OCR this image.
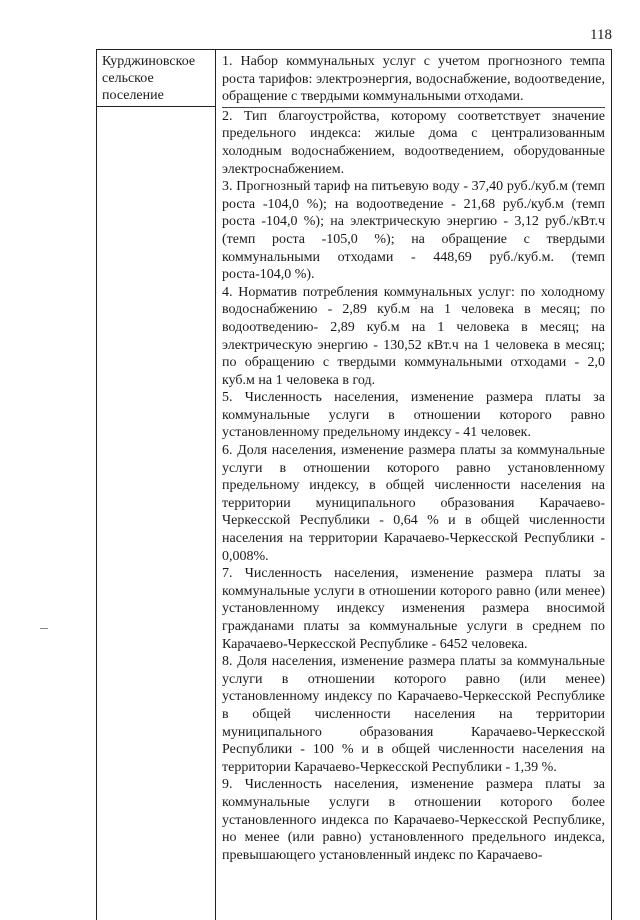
118
Курджиновское
сельское
поселение

1. Набор коммунальных услуг с учетом прогнозного темпа роста тарифов: электроэнергия, водоснабжение, водоотведение, обращение с твердыми коммунальными отходами.

2. Тип благоустройства, которому соответствует значение предельного индекса: жилые дома с централизованным холодным водоснабжением, водоотведением, оборудованные электроснабжением.

3. Прогнозный тариф на питьевую воду - 37,40 руб./куб.м (темп роста -104,0 %); на водоотведение - 21,68 руб./куб.м (темп роста -104,0 %); на электрическую энергию - 3,12 руб./кВт.ч (темп роста -105,0 %); на обращение с твердыми коммунальными отходами - 448,69 руб./куб.м. (темп роста-104,0 %).

4. Норматив потребления коммунальных услуг: по холодному водоснабжению - 2,89 куб.м на 1 человека в месяц; по водоотведению- 2,89 куб.м на 1 человека в месяц; на электрическую энергию - 130,52 кВт.ч на 1 человека в месяц; по обращению с твердыми коммунальными отходами - 2,0 куб.м на 1 человека в год.

5. Численность населения, изменение размера платы за коммунальные услуги в отношении которого равно установленному предельному индексу - 41 человек.

6. Доля населения, изменение размера платы за коммунальные услуги в отношении которого равно установленному предельному индексу, в общей численности населения на территории муниципального образования Карачаево-Черкесской Республики - 0,64 % и в общей численности населения на территории Карачаево-Черкесской Республики - 0,008%.

7. Численность населения, изменение размера платы за коммунальные услуги в отношении которого равно (или менее) установленному индексу изменения размера вносимой гражданами платы за коммунальные услуги в среднем по Карачаево-Черкесской Республике - 6452 человека.

8. Доля населения, изменение размера платы за коммунальные услуги в отношении которого равно (или менее) установленному индексу по Карачаево-Черкесской Республике в общей численности населения на территории муниципального образования Карачаево-Черкесской Республики - 100 % и в общей численности населения на территории Карачаево-Черкесской Республики - 1,39 %.

9. Численность населения, изменение размера платы за коммунальные услуги в отношении которого более установленного индекса по Карачаево-Черкесской Республике, но менее (или равно) установленного предельного индекса, превышающего установленный индекс по Карачаево-
